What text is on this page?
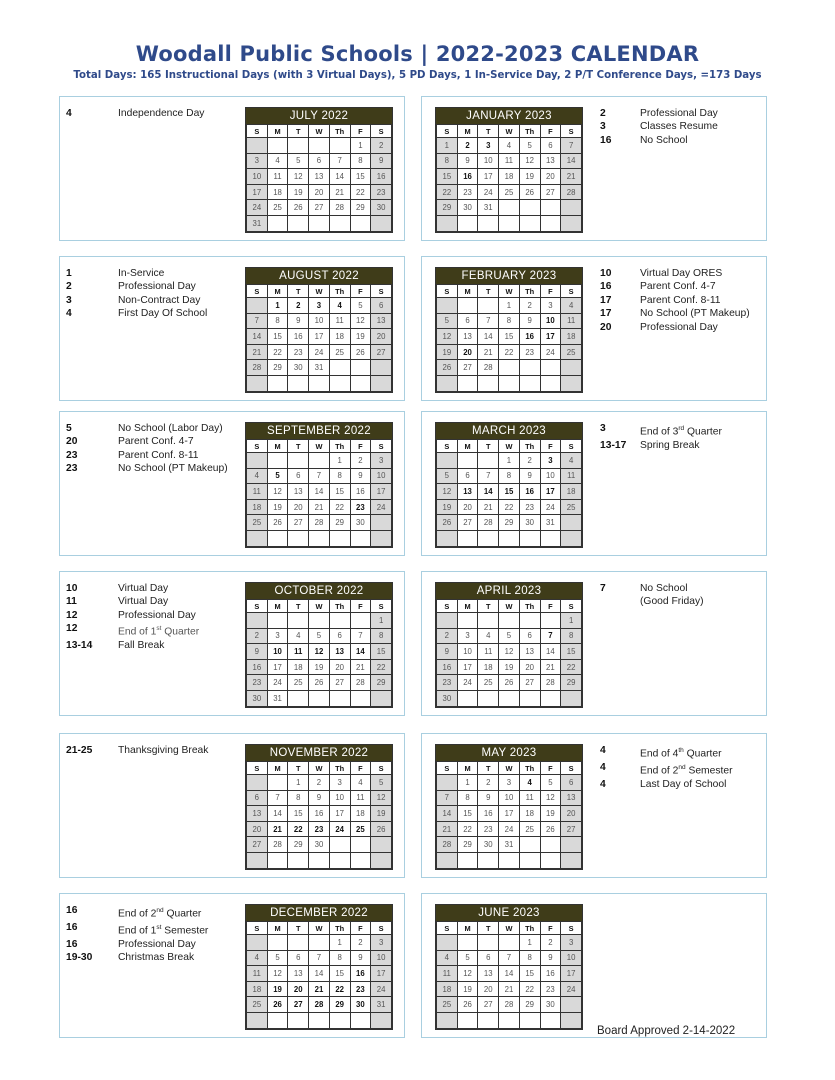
Woodall Public Schools | 2022-2023 CALENDAR
Total Days: 165 Instructional Days (with 3 Virtual Days), 5 PD Days, 1 In-Service Day, 2 P/T Conference Days, =173 Days
4	Independence Day	JULY 2022
S	M	T	W	Th	F	S
					1	2
3	4	5	6	7	8	9
10	11	12	13	14	15	16
17	18	19	20	21	22	23
24	25	26	27	28	29	30
31						
2	Professional Day
3	Classes Resume
16	No School
JANUARY 2023
S	M	T	W	Th	F	S
1	2	3	4	5	6	7
8	9	10	11	12	13	14
15	16	17	18	19	20	21
22	23	24	25	26	27	28
29	30	31				

1	In-Service
2	Professional Day
3	Non-Contract Day
4	First Day Of School
AUGUST 2022
S	M	T	W	Th	F	S
	1	2	3	4	5	6
7	8	9	10	11	12	13
14	15	16	17	18	19	20
21	22	23	24	25	26	27
28	29	30	31			

10	Virtual Day ORES
16	Parent Conf. 4-7
17	Parent Conf. 8-11
17	No School (PT Makeup)
20	Professional Day
FEBRUARY 2023
S	M	T	W	Th	F	S
			1	2	3	4
5	6	7	8	9	10	11
12	13	14	15	16	17	18
19	20	21	22	23	24	25
26	27	28				

5	No School (Labor Day)
20	Parent Conf. 4-7
23	Parent Conf. 8-11
23	No School (PT Makeup)
SEPTEMBER 2022
S	M	T	W	Th	F	S
				1	2	3
4	5	6	7	8	9	10
11	12	13	14	15	16	17
18	19	20	21	22	23	24
25	26	27	28	29	30	

3	End of 3rd Quarter
13-17	Spring Break
MARCH 2023
S	M	T	W	Th	F	S
			1	2	3	4
5	6	7	8	9	10	11
12	13	14	15	16	17	18
19	20	21	22	23	24	25
26	27	28	29	30	31	

10	Virtual Day
11	Virtual Day
12	Professional Day
12	End of 1st Quarter
13-14	Fall Break
OCTOBER 2022
S	M	T	W	Th	F	S
						1
2	3	4	5	6	7	8
9	10	11	12	13	14	15
16	17	18	19	20	21	22
23	24	25	26	27	28	29
30	31					
7	No School
(Good Friday)
APRIL 2023
S	M	T	W	Th	F	S
						1
2	3	4	5	6	7	8
9	10	11	12	13	14	15
16	17	18	19	20	21	22
23	24	25	26	27	28	29
30						
21-25	Thanksgiving Break	NOVEMBER 2022
S	M	T	W	Th	F	S
		1	2	3	4	5
6	7	8	9	10	11	12
13	14	15	16	17	18	19
20	21	22	23	24	25	26
27	28	29	30			

4	End of 4th Quarter
4	End of 2nd Semester
4	Last Day of School
MAY 2023
S	M	T	W	Th	F	S
	1	2	3	4	5	6
7	8	9	10	11	12	13
14	15	16	17	18	19	20
21	22	23	24	25	26	27
28	29	30	31			

16	End of 2nd Quarter
16	End of 1st Semester
16	Professional Day
19-30	Christmas Break
DECEMBER 2022
S	M	T	W	Th	F	S
				1	2	3
4	5	6	7	8	9	10
11	12	13	14	15	16	17
18	19	20	21	22	23	24
25	26	27	28	29	30	31

JUNE 2023
S	M	T	W	Th	F	S
				1	2	3
4	5	6	7	8	9	10
11	12	13	14	15	16	17
18	19	20	21	22	23	24
25	26	27	28	29	30	

Board Approved 2-14-2022
